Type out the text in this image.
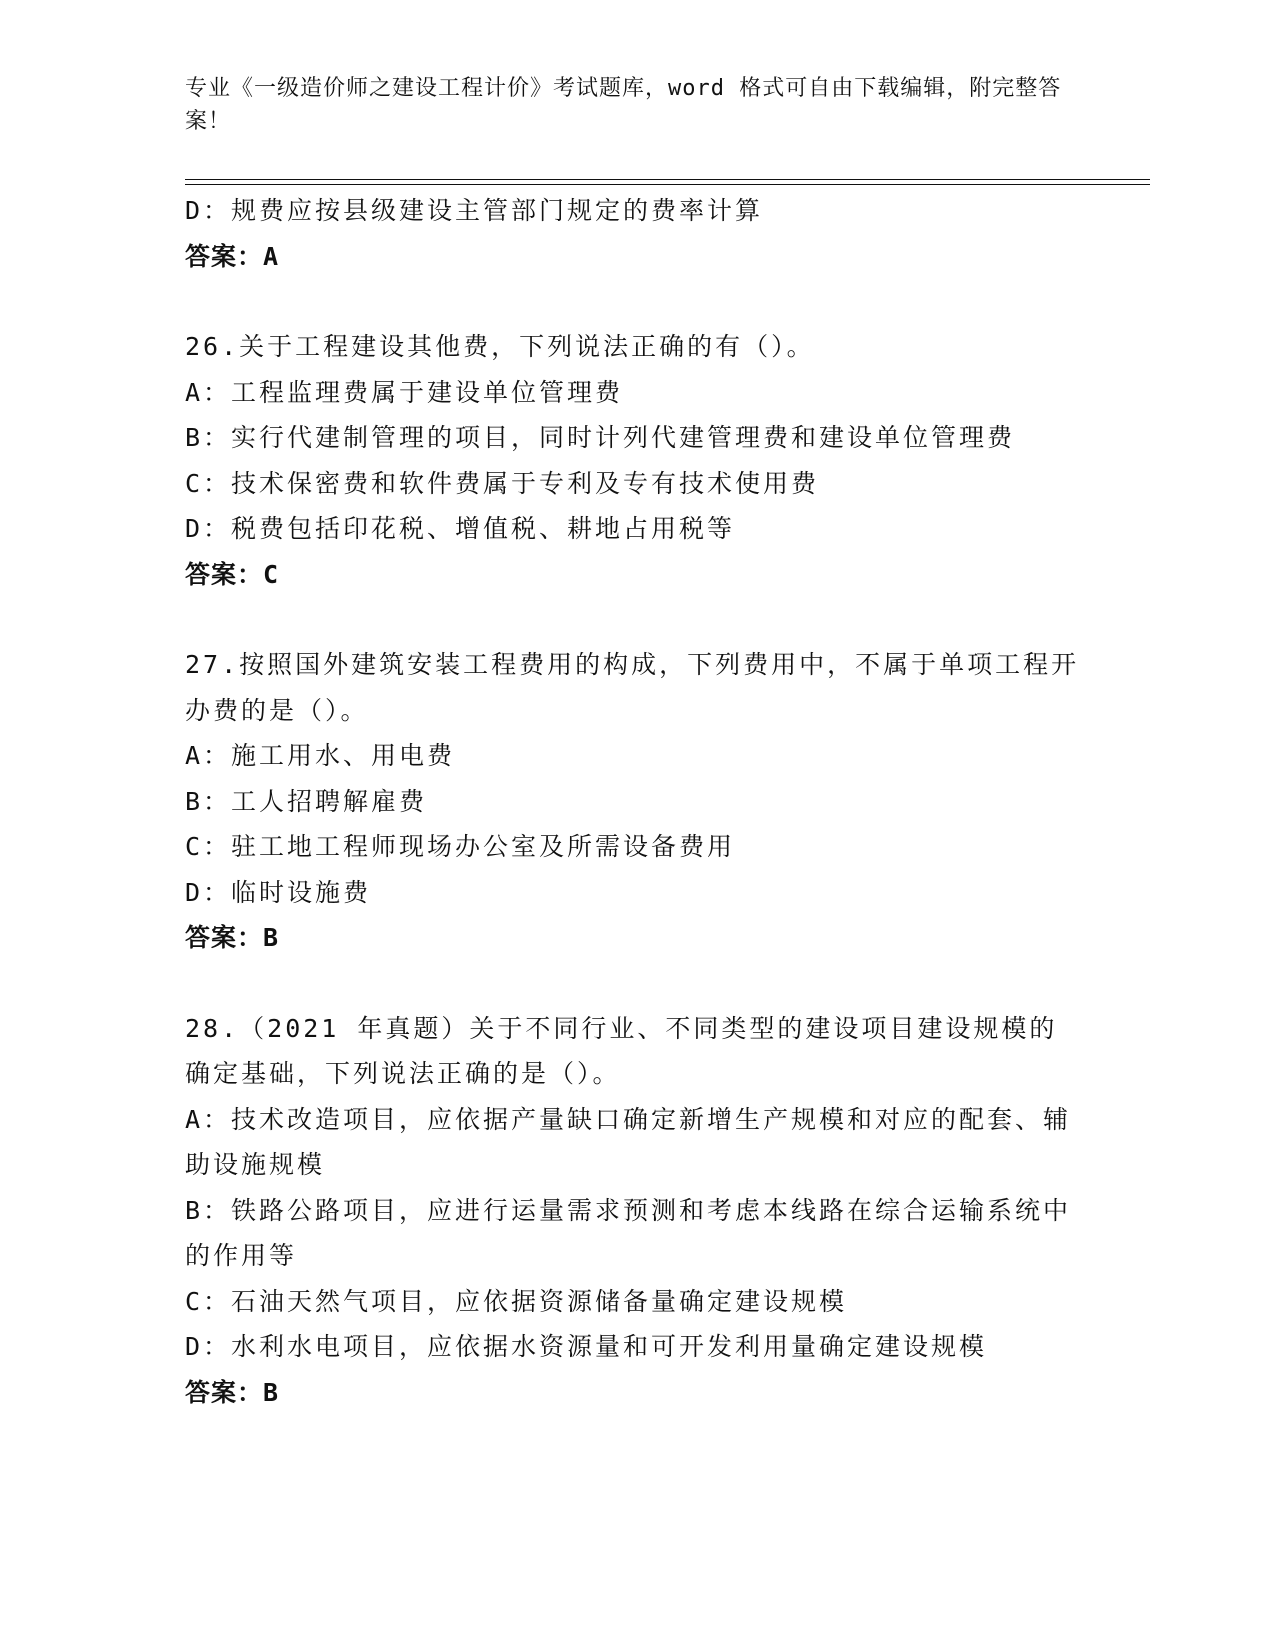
专业《一级造价师之建设工程计价》考试题库，word 格式可自由下载编辑，附完整答案！
D：规费应按县级建设主管部门规定的费率计算
答案：A
26.关于工程建设其他费，下列说法正确的有（）。
A：工程监理费属于建设单位管理费
B：实行代建制管理的项目，同时计列代建管理费和建设单位管理费
C：技术保密费和软件费属于专利及专有技术使用费
D：税费包括印花税、增值税、耕地占用税等
答案：C
27.按照国外建筑安装工程费用的构成，下列费用中，不属于单项工程开办费的是（）。
A：施工用水、用电费
B：工人招聘解雇费
C：驻工地工程师现场办公室及所需设备费用
D：临时设施费
答案：B
28.（2021 年真题）关于不同行业、不同类型的建设项目建设规模的确定基础，下列说法正确的是（）。
A：技术改造项目，应依据产量缺口确定新增生产规模和对应的配套、辅助设施规模
B：铁路公路项目，应进行运量需求预测和考虑本线路在综合运输系统中的作用等
C：石油天然气项目，应依据资源储备量确定建设规模
D：水利水电项目，应依据水资源量和可开发利用量确定建设规模
答案：B
